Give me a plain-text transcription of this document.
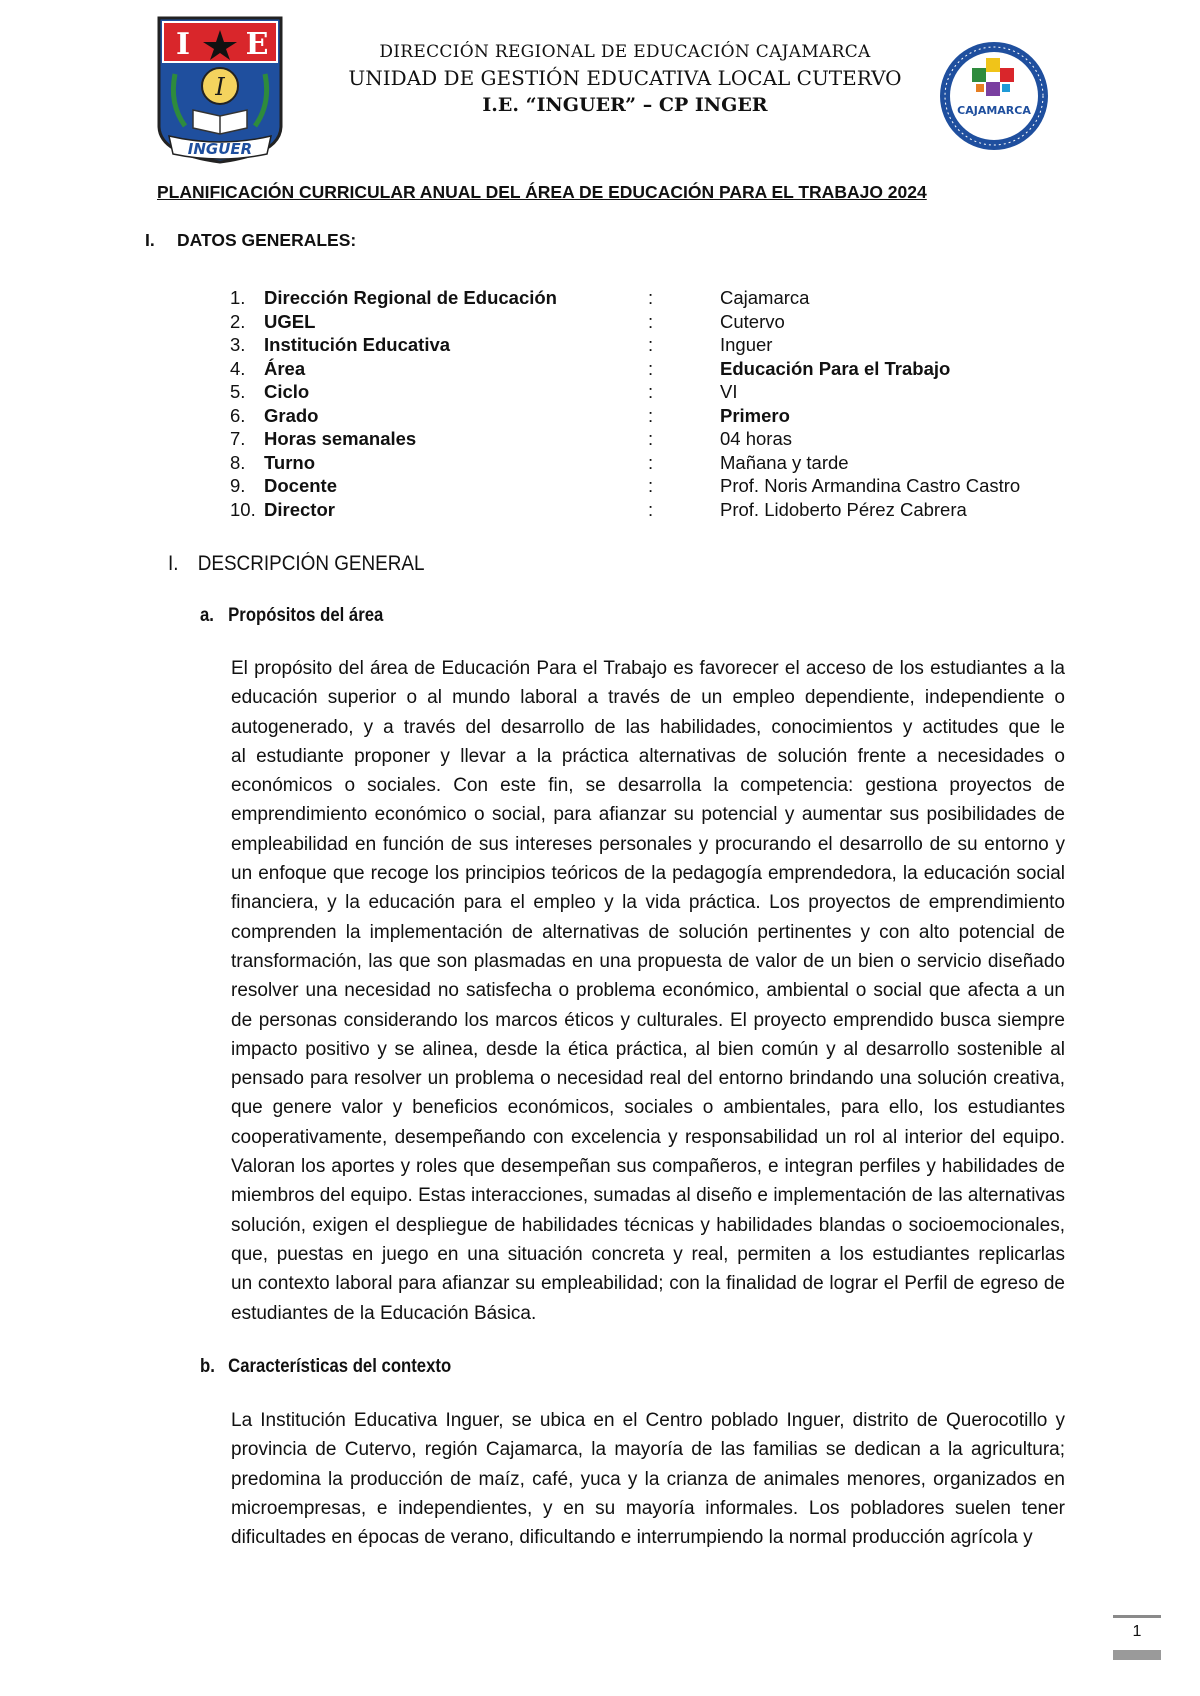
I E
I
INGUER
DIRECCIÓN REGIONAL DE EDUCACIÓN CAJAMARCA
UNIDAD DE GESTIÓN EDUCATIVA LOCAL CUTERVO
I.E. “INGUER” – CP INGER	CAJAMARCA
PLANIFICACIÓN CURRICULAR ANUAL DEL ÁREA DE EDUCACIÓN PARA EL TRABAJO 2024
I. DATOS GENERALES:
1. Dirección Regional de Educación	:	Cajamarca
2. UGEL	:	Cutervo
3. Institución Educativa	:	Inguer
4. Área	:	Educación Para el Trabajo
5. Ciclo	:	VI
6. Grado	:	Primero
7. Horas semanales	:	04 horas
8. Turno	:	Mañana y tarde
9. Docente	:	Prof. Noris Armandina Castro Castro
10. Director	:	Prof. Lidoberto Pérez Cabrera
I. DESCRIPCIÓN GENERAL
a. Propósitos del área
El propósito del área de Educación Para el Trabajo es favorecer el acceso de los estudiantes a la
educación superior o al mundo laboral a través de un empleo dependiente, independiente o
autogenerado, y a través del desarrollo de las habilidades, conocimientos y actitudes que le
al estudiante proponer y llevar a la práctica alternativas de solución frente a necesidades o
económicos o sociales. Con este fin, se desarrolla la competencia: gestiona proyectos de
emprendimiento económico o social, para afianzar su potencial y aumentar sus posibilidades de
empleabilidad en función de sus intereses personales y procurando el desarrollo de su entorno y
un enfoque que recoge los principios teóricos de la pedagogía emprendedora, la educación social
financiera, y la educación para el empleo y la vida práctica. Los proyectos de emprendimiento
comprenden la implementación de alternativas de solución pertinentes y con alto potencial de
transformación, las que son plasmadas en una propuesta de valor de un bien o servicio diseñado
resolver una necesidad no satisfecha o problema económico, ambiental o social que afecta a un
de personas considerando los marcos éticos y culturales. El proyecto emprendido busca siempre
impacto positivo y se alinea, desde la ética práctica, al bien común y al desarrollo sostenible al
pensado para resolver un problema o necesidad real del entorno brindando una solución creativa,
que genere valor y beneficios económicos, sociales o ambientales, para ello, los estudiantes
cooperativamente, desempeñando con excelencia y responsabilidad un rol al interior del equipo.
Valoran los aportes y roles que desempeñan sus compañeros, e integran perfiles y habilidades de
miembros del equipo. Estas interacciones, sumadas al diseño e implementación de las alternativas
solución, exigen el despliegue de habilidades técnicas y habilidades blandas o socioemocionales,
que, puestas en juego en una situación concreta y real, permiten a los estudiantes replicarlas
un contexto laboral para afianzar su empleabilidad; con la finalidad de lograr el Perfil de egreso de
estudiantes de la Educación Básica.
b. Características del contexto
La Institución Educativa Inguer, se ubica en el Centro poblado Inguer, distrito de Querocotillo y
provincia de Cutervo, región Cajamarca, la mayoría de las familias se dedican a la agricultura;
predomina la producción de maíz, café, yuca y la crianza de animales menores, organizados en
microempresas, e independientes, y en su mayoría informales. Los pobladores suelen tener
dificultades en épocas de verano, dificultando e interrumpiendo la normal producción agrícola y
1
